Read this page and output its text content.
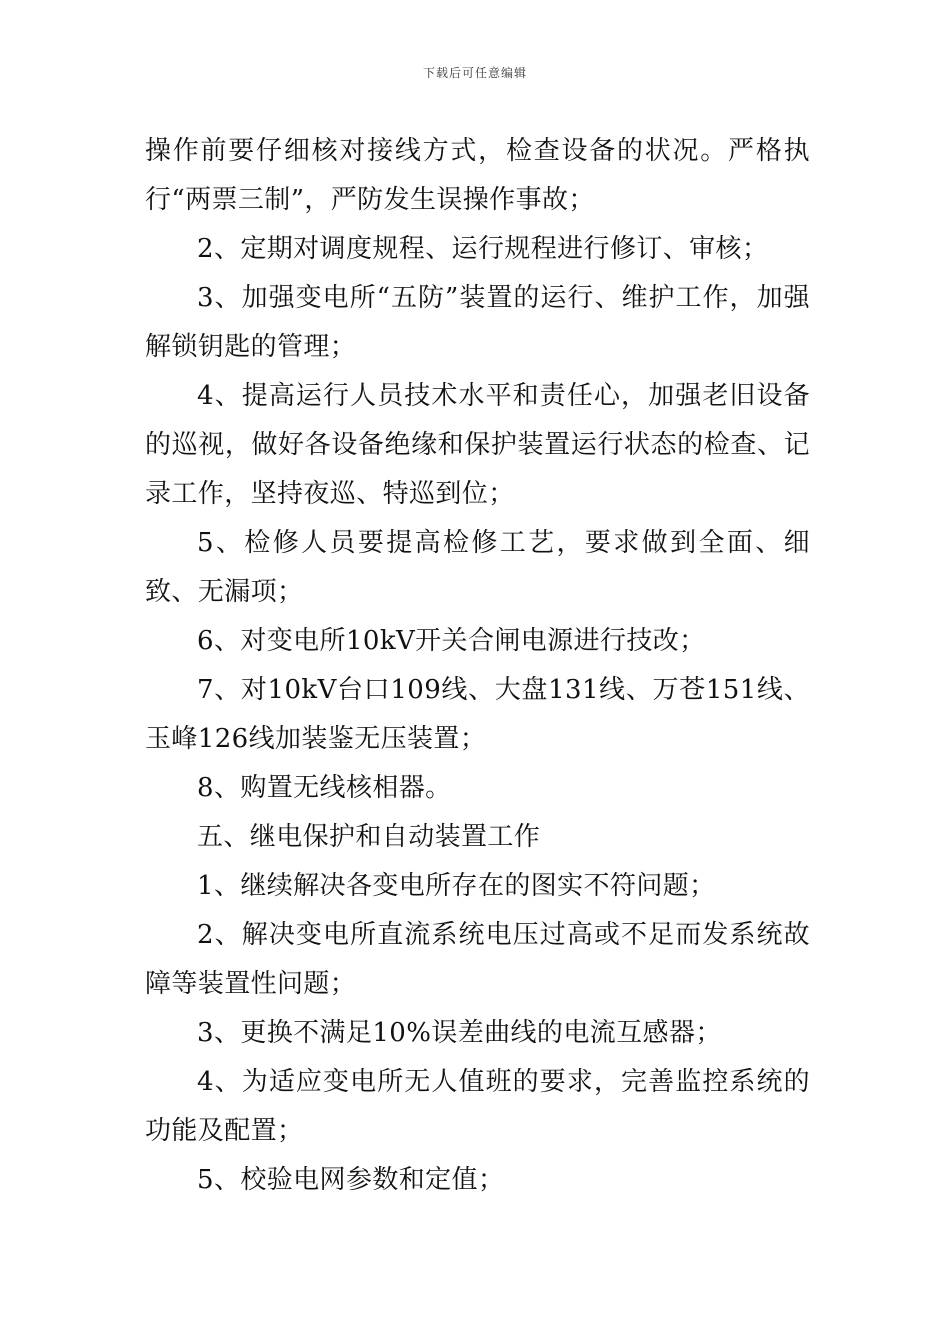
下载后可任意编辑

操作前要仔细核对接线方式，检查设备的状况。严格执行“两票三制”，严防发生误操作事故；

2、定期对调度规程、运行规程进行修订、审核；

3、加强变电所“五防”装置的运行、维护工作，加强解锁钥匙的管理；

4、提高运行人员技术水平和责任心，加强老旧设备的巡视，做好各设备绝缘和保护装置运行状态的检查、记录工作，坚持夜巡、特巡到位；

5、检修人员要提高检修工艺，要求做到全面、细致、无漏项；

6、对变电所10kV开关合闸电源进行技改；

7、对10kV台口109线、大盘131线、万苍151线、玉峰126线加装鉴无压装置；

8、购置无线核相器。

五、继电保护和自动装置工作

1、继续解决各变电所存在的图实不符问题；

2、解决变电所直流系统电压过高或不足而发系统故障等装置性问题；

3、更换不满足10%误差曲线的电流互感器；

4、为适应变电所无人值班的要求，完善监控系统的功能及配置；

5、校验电网参数和定值；
